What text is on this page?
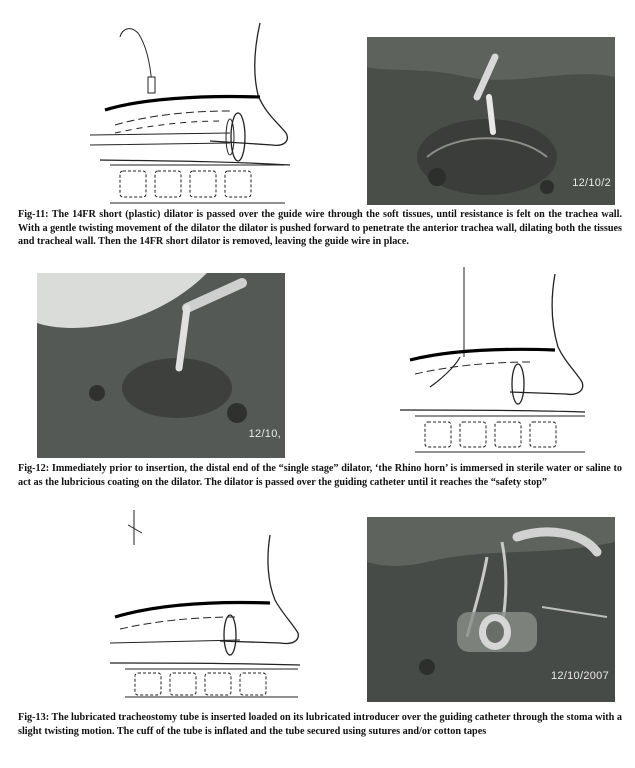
12/10/2

Fig-11: The 14FR short (plastic) dilator is passed over the guide wire through the soft tissues, until resistance is felt on the trachea wall. With a gentle twisting movement of the dilator the dilator is pushed forward to penetrate the anterior trachea wall, dilating both the tissues and tracheal wall. Then the 14FR short dilator is removed, leaving the guide wire in place.

12/10,

Fig-12: Immediately prior to insertion, the distal end of the “single stage” dilator, ‘the Rhino horn’ is immersed in sterile water or saline to act as the lubricious coating on the dilator. The dilator is passed over the guiding catheter until it reaches the “safety stop”

12/10/2007

Fig-13: The lubricated tracheostomy tube is inserted loaded on its lubricated introducer over the guiding catheter through the stoma with a slight twisting motion. The cuff of the tube is inflated and the tube secured using sutures and/or cotton tapes
